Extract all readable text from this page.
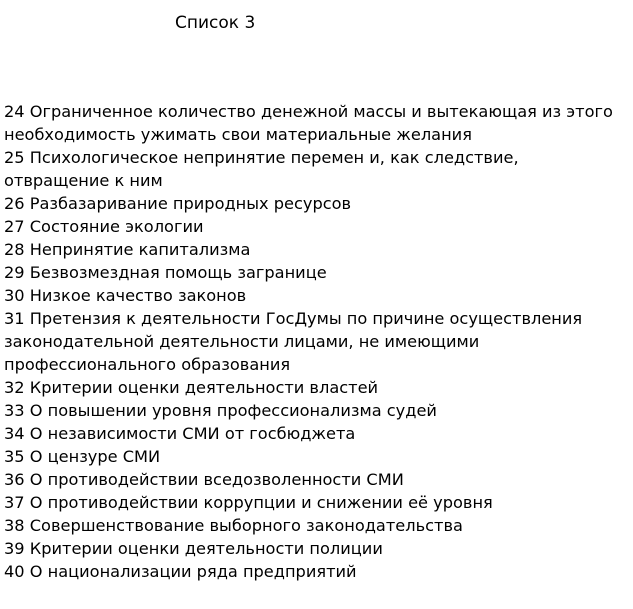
Список 3
24 Ограниченное количество денежной массы и вытекающая из этого
необходимость ужимать свои материальные желания
25 Психологическое непринятие перемен и, как следствие,
отвращение к ним
26 Разбазаривание природных ресурсов
27 Состояние экологии
28 Непринятие капитализма
29 Безвозмездная помощь загранице
30 Низкое качество законов
31 Претензия к деятельности ГосДумы по причине осуществления
законодательной деятельности лицами, не имеющими
профессионального образования
32 Критерии оценки деятельности властей
33 О повышении уровня профессионализма судей
34 О независимости СМИ от госбюджета
35 О цензуре СМИ
36 О противодействии вседозволенности СМИ
37 О противодействии коррупции и снижении её уровня
38 Совершенствование выборного законодательства
39 Критерии оценки деятельности полиции
40 О национализации ряда предприятий
